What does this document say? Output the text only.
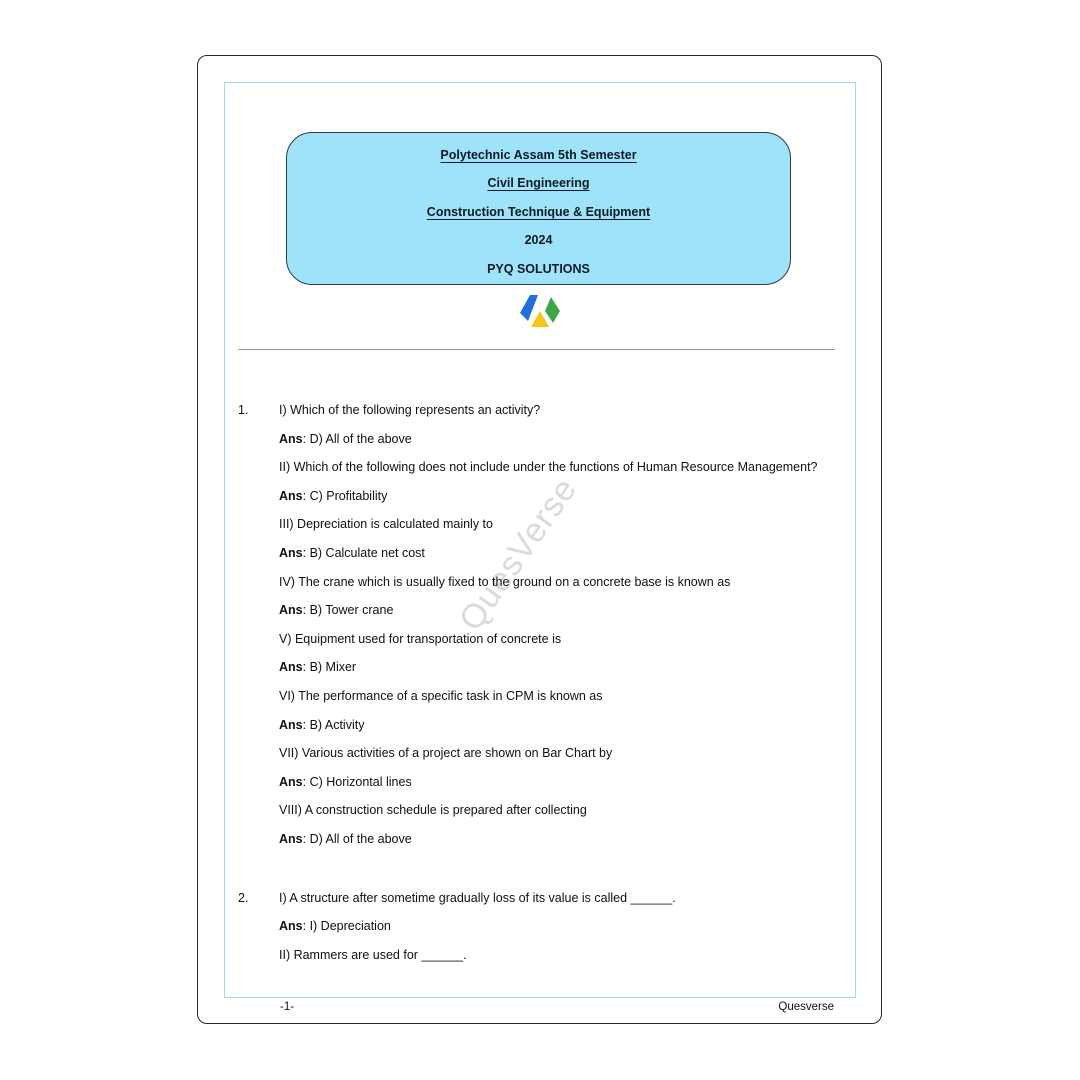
Polytechnic Assam 5th Semester
Civil Engineering
Construction Technique & Equipment
2024
PYQ SOLUTIONS
QuesVerse
1. I) Which of the following represents an activity?
Ans: D) All of the above
II) Which of the following does not include under the functions of Human Resource Management?
Ans: C) Profitability
III) Depreciation is calculated mainly to
Ans: B) Calculate net cost
IV) The crane which is usually fixed to the ground on a concrete base is known as
Ans: B) Tower crane
V) Equipment used for transportation of concrete is
Ans: B) Mixer
VI) The performance of a specific task in CPM is known as
Ans: B) Activity
VII) Various activities of a project are shown on Bar Chart by
Ans: C) Horizontal lines
VIII) A construction schedule is prepared after collecting
Ans: D) All of the above
2. I) A structure after sometime gradually loss of its value is called ______.
Ans: I) Depreciation
II) Rammers are used for ______.
-1-	Quesverse
